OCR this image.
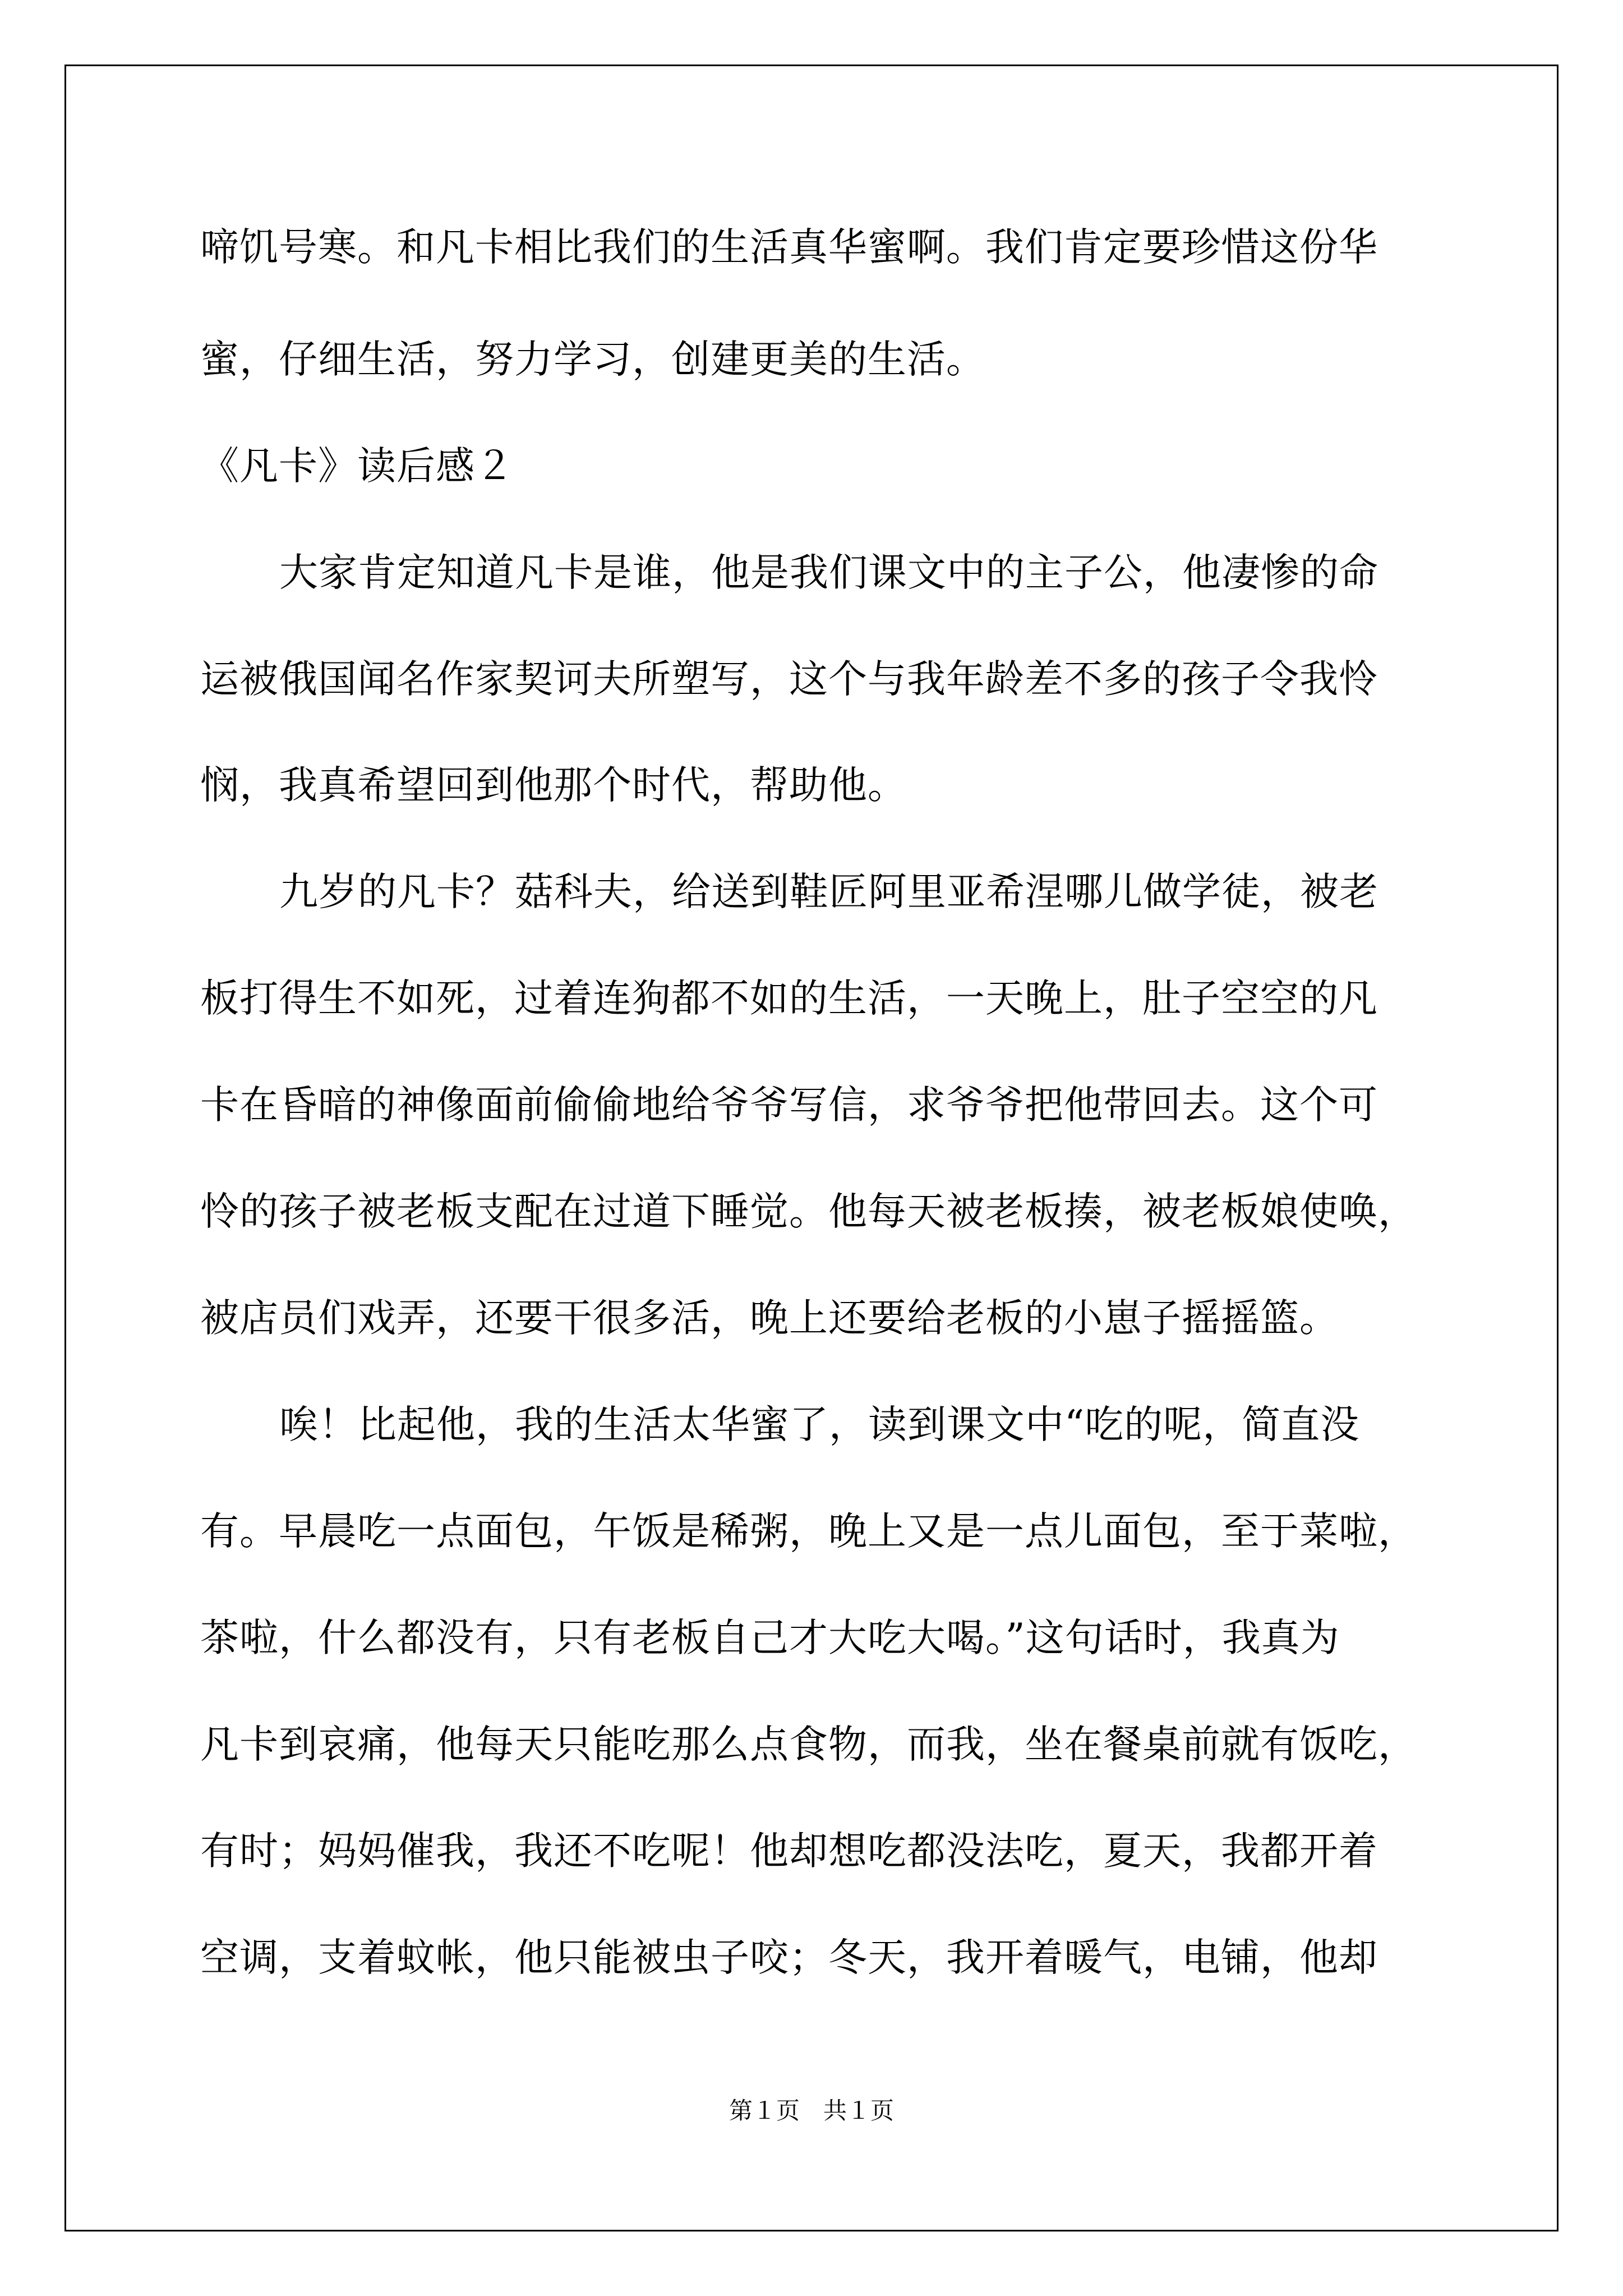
啼饥号寒。和凡卡相比我们的生活真华蜜啊。我们肯定要珍惜这份华
蜜，仔细生活，努力学习，创建更美的生活。
《凡卡》读后感２
大家肯定知道凡卡是谁，他是我们课文中的主子公，他凄惨的命
运被俄国闻名作家契诃夫所塑写，这个与我年龄差不多的孩子令我怜
悯，我真希望回到他那个时代，帮助他。
九岁的凡卡？菇科夫，给送到鞋匠阿里亚希涅哪儿做学徒，被老
板打得生不如死，过着连狗都不如的生活，一天晚上，肚子空空的凡
卡在昏暗的神像面前偷偷地给爷爷写信，求爷爷把他带回去。这个可
怜的孩子被老板支配在过道下睡觉。他每天被老板揍，被老板娘使唤，
被店员们戏弄，还要干很多活，晚上还要给老板的小崽子摇摇篮。
唉！比起他，我的生活太华蜜了，读到课文中“吃的呢，简直没
有。早晨吃一点面包，午饭是稀粥，晚上又是一点儿面包，至于菜啦，
茶啦，什么都没有，只有老板自己才大吃大喝。”这句话时，我真为
凡卡到哀痛，他每天只能吃那么点食物，而我，坐在餐桌前就有饭吃，
有时；妈妈催我，我还不吃呢！他却想吃都没法吃，夏天，我都开着
空调，支着蚊帐，他只能被虫子咬；冬天，我开着暖气，电铺，他却
第１页　共１页
